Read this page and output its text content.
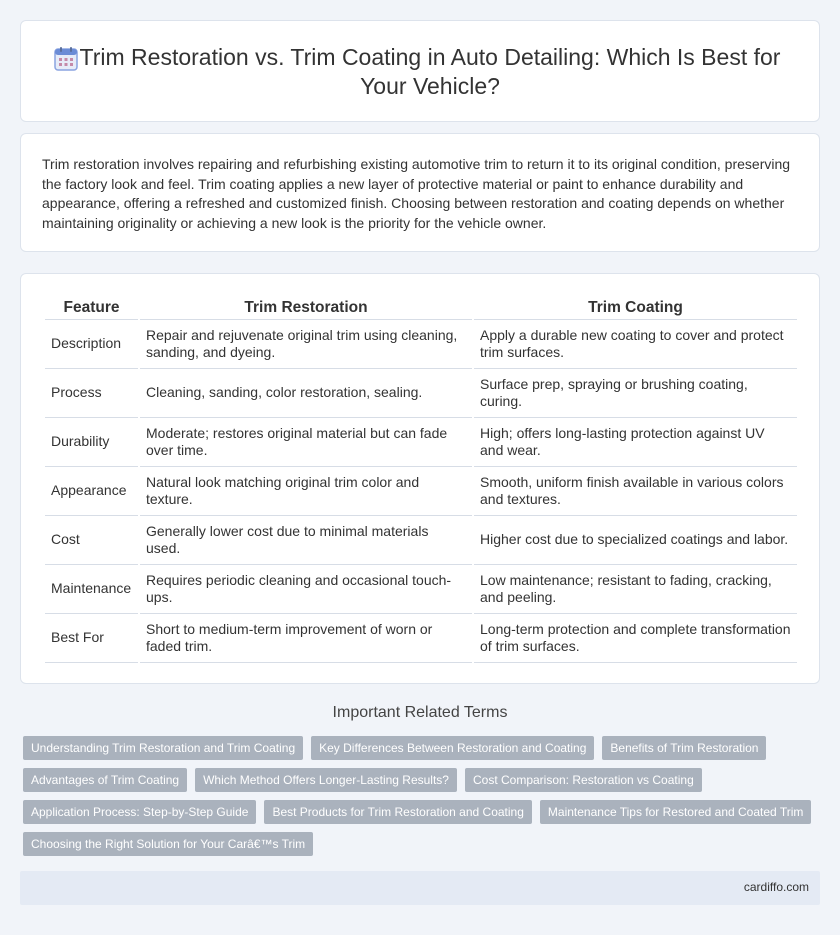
Trim Restoration vs. Trim Coating in Auto Detailing: Which Is Best for Your Vehicle?

Trim restoration involves repairing and refurbishing existing automotive trim to return it to its original condition, preserving the factory look and feel. Trim coating applies a new layer of protective material or paint to enhance durability and appearance, offering a refreshed and customized finish. Choosing between restoration and coating depends on whether maintaining originality or achieving a new look is the priority for the vehicle owner.

Feature	Trim Restoration	Trim Coating
Description	Repair and rejuvenate original trim using cleaning, sanding, and dyeing.	Apply a durable new coating to cover and protect trim surfaces.
Process	Cleaning, sanding, color restoration, sealing.	Surface prep, spraying or brushing coating, curing.
Durability	Moderate; restores original material but can fade over time.	High; offers long-lasting protection against UV and wear.
Appearance	Natural look matching original trim color and texture.	Smooth, uniform finish available in various colors and textures.
Cost	Generally lower cost due to minimal materials used.	Higher cost due to specialized coatings and labor.
Maintenance	Requires periodic cleaning and occasional touch-ups.	Low maintenance; resistant to fading, cracking, and peeling.
Best For	Short to medium-term improvement of worn or faded trim.	Long-term protection and complete transformation of trim surfaces.
Important Related Terms
Understanding Trim Restoration and Trim Coating	Key Differences Between Restoration and Coating	Benefits of Trim Restoration
Advantages of Trim Coating	Which Method Offers Longer-Lasting Results?	Cost Comparison: Restoration vs Coating
Application Process: Step-by-Step Guide	Best Products for Trim Restoration and Coating	Maintenance Tips for Restored and Coated Trim
Choosing the Right Solution for Your Carâ€™s Trim
cardiffo.com
